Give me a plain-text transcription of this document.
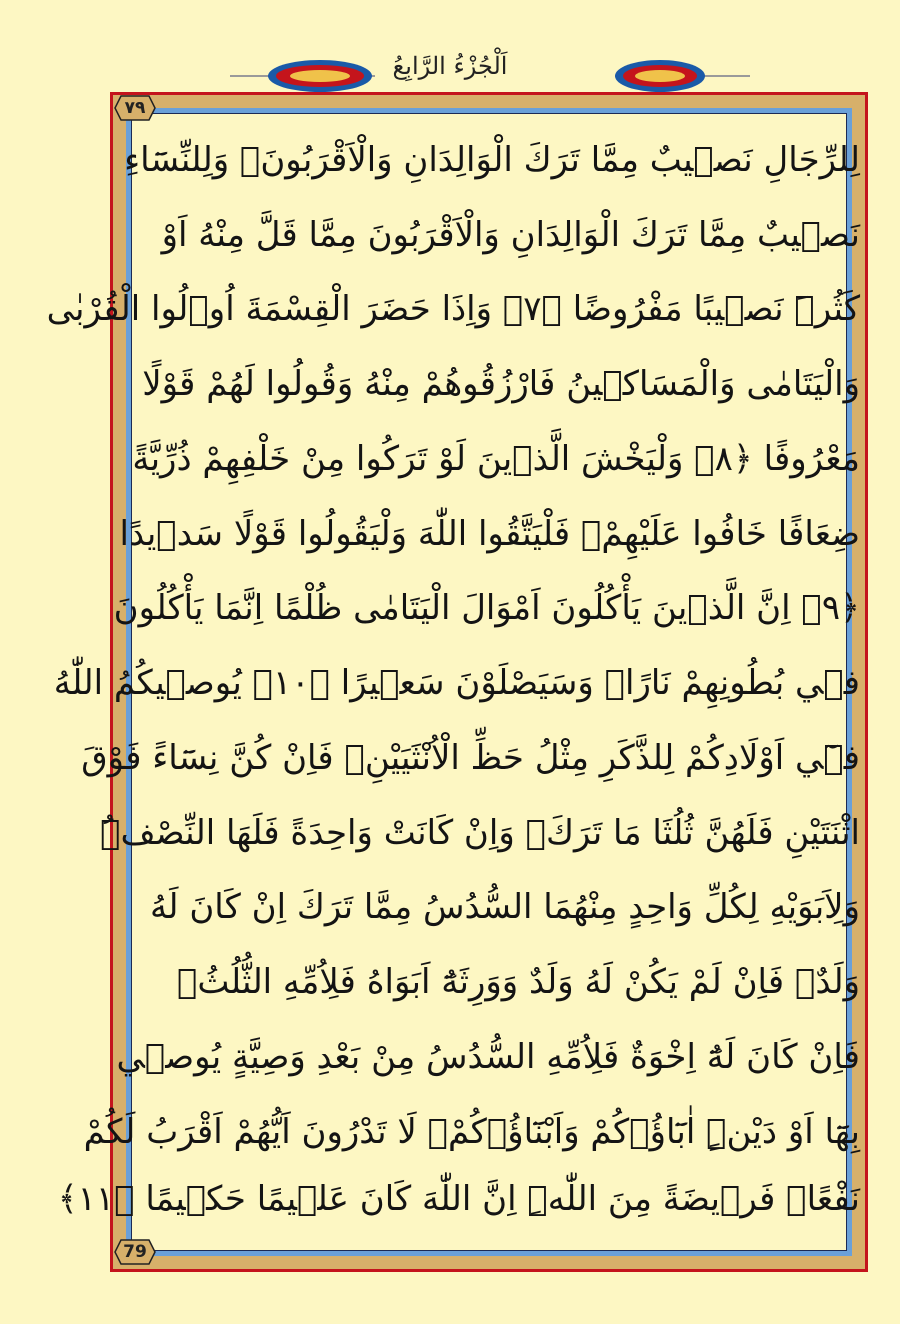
اَلْجُزْءُ الرَّابِعُ
٧٩
لِلرِّجَالِ نَص۪يبٌ مِمَّا تَرَكَ الْوَالِدَانِ وَالْاَقْرَبُونَۖ وَلِلنِّسَٓاءِ
نَص۪يبٌ مِمَّا تَرَكَ الْوَالِدَانِ وَالْاَقْرَبُونَ مِمَّا قَلَّ مِنْهُ اَوْ
كَثُرَۜ نَص۪يبًا مَفْرُوضًا ﴿٧﴾ وَاِذَا حَضَرَ الْقِسْمَةَ اُو۬لُوا الْقُرْبٰى
وَالْيَتَامٰى وَالْمَسَاك۪ينُ فَارْزُقُوهُمْ مِنْهُ وَقُولُوا لَهُمْ قَوْلًا
مَعْرُوفًا ﴿٨﴾ وَلْيَخْشَ الَّذ۪ينَ لَوْ تَرَكُوا مِنْ خَلْفِهِمْ ذُرِّيَّةً
ضِعَافًا خَافُوا عَلَيْهِمْۖ فَلْيَتَّقُوا اللّٰهَ وَلْيَقُولُوا قَوْلًا سَد۪يدًا
﴿٩﴾ اِنَّ الَّذ۪ينَ يَأْكُلُونَ اَمْوَالَ الْيَتَامٰى ظُلْمًا اِنَّمَا يَأْكُلُونَ
ف۪ي بُطُونِهِمْ نَارًاۜ وَسَيَصْلَوْنَ سَع۪يرًا ﴿١٠﴾ يُوص۪يكُمُ اللّٰهُ
ف۪ٓي اَوْلَادِكُمْ لِلذَّكَرِ مِثْلُ حَظِّ الْاُنْثَيَيْنِۚ فَاِنْ كُنَّ نِسَٓاءً فَوْقَ
اثْنَتَيْنِ فَلَهُنَّ ثُلُثَا مَا تَرَكَۚ وَاِنْ كَانَتْ وَاحِدَةً فَلَهَا النِّصْفُۜ
وَلِاَبَوَيْهِ لِكُلِّ وَاحِدٍ مِنْهُمَا السُّدُسُ مِمَّا تَرَكَ اِنْ كَانَ لَهُ
وَلَدٌۚ فَاِنْ لَمْ يَكُنْ لَهُ وَلَدٌ وَوَرِثَهُٓ اَبَوَاهُ فَلِاُمِّهِ الثُّلُثُۚ
فَاِنْ كَانَ لَهُٓ اِخْوَةٌ فَلِاُمِّهِ السُّدُسُ مِنْ بَعْدِ وَصِيَّةٍ يُوص۪ي
بِهَٓا اَوْ دَيْنٍۜ اٰبَٓاؤُ۬كُمْ وَاَبْنَٓاؤُ۬كُمْۚ لَا تَدْرُونَ اَيُّهُمْ اَقْرَبُ لَكُمْ
نَفْعًاۚ فَر۪يضَةً مِنَ اللّٰهِۜ اِنَّ اللّٰهَ كَانَ عَل۪يمًا حَك۪يمًا ﴿١١﴾
79
